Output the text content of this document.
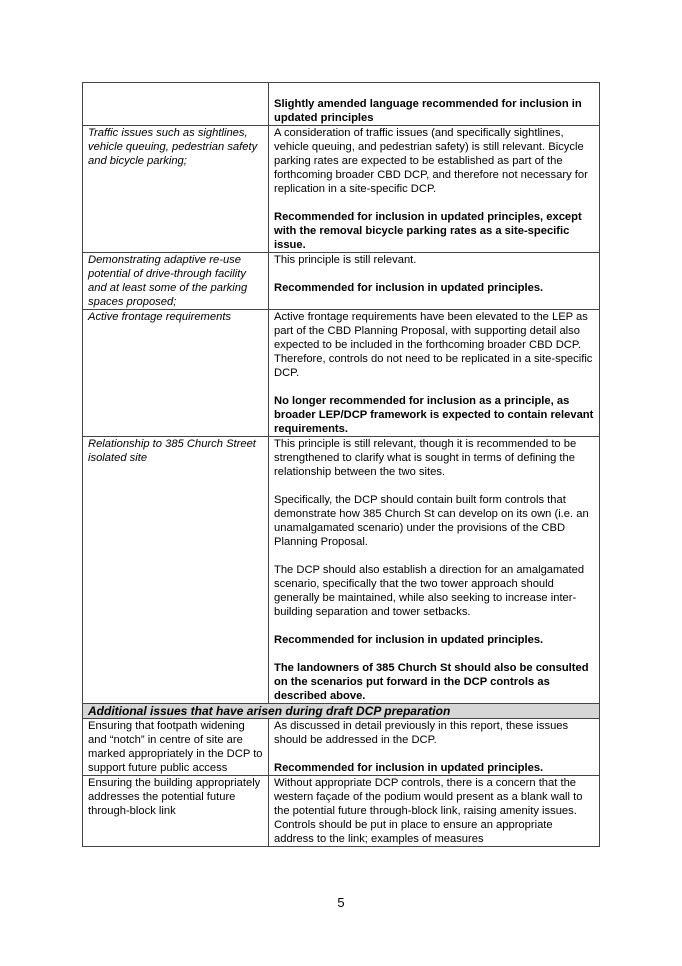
	Slightly amended language recommended for inclusion in updated principles

Traffic issues such as sightlines, vehicle queuing, pedestrian safety and bicycle parking;	A consideration of traffic issues (and specifically sightlines, vehicle queuing, and pedestrian safety) is still relevant. Bicycle parking rates are expected to be established as part of the forthcoming broader CBD DCP, and therefore not necessary for replication in a site-specific DCP.
Recommended for inclusion in updated principles, except with the removal bicycle parking rates as a site-specific issue.

Demonstrating adaptive re-use potential of drive-through facility and at least some of the parking spaces proposed;	This principle is still relevant.
Recommended for inclusion in updated principles.

Active frontage requirements	Active frontage requirements have been elevated to the LEP as part of the CBD Planning Proposal, with supporting detail also expected to be included in the forthcoming broader CBD DCP. Therefore, controls do not need to be replicated in a site-specific DCP.
No longer recommended for inclusion as a principle, as broader LEP/DCP framework is expected to contain relevant requirements.

Relationship to 385 Church Street isolated site	This principle is still relevant, though it is recommended to be strengthened to clarify what is sought in terms of defining the relationship between the two sites.
Specifically, the DCP should contain built form controls that demonstrate how 385 Church St can develop on its own (i.e. an unamalgamated scenario) under the provisions of the CBD Planning Proposal.
The DCP should also establish a direction for an amalgamated scenario, specifically that the two tower approach should generally be maintained, while also seeking to increase inter-building separation and tower setbacks.
Recommended for inclusion in updated principles.
The landowners of 385 Church St should also be consulted on the scenarios put forward in the DCP controls as described above.

Additional issues that have arisen during draft DCP preparation	
Ensuring that footpath widening and “notch” in centre of site are marked appropriately in the DCP to support future public access	As discussed in detail previously in this report, these issues should be addressed in the DCP.
Recommended for inclusion in updated principles.

Ensuring the building appropriately addresses the potential future through-block link	Without appropriate DCP controls, there is a concern that the western façade of the podium would present as a blank wall to the potential future through-block link, raising amenity issues. Controls should be put in place to ensure an appropriate address to the link; examples of measures
5
